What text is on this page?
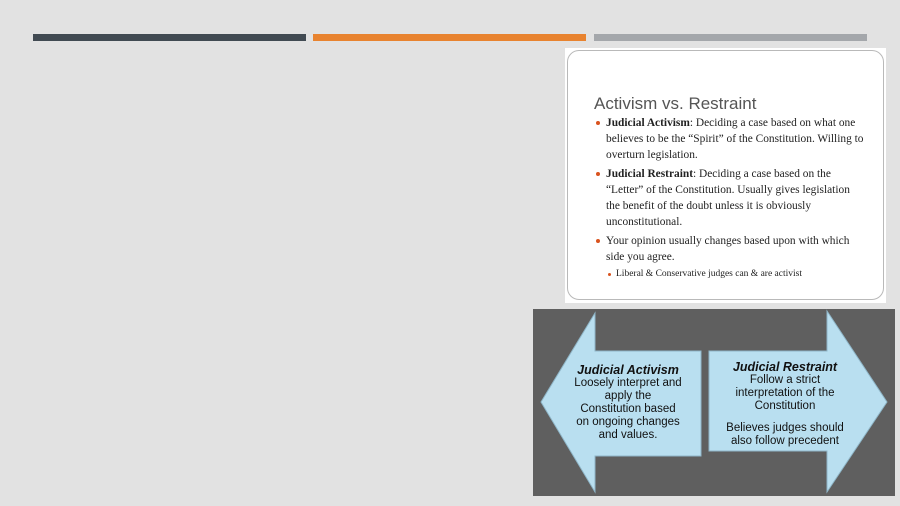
Activism vs. Restraint
Judicial Activism: Deciding a case based on what one believes to be the “Spirit” of the Constitution. Willing to overturn legislation.
Judicial Restraint: Deciding a case based on the “Letter” of the Constitution. Usually gives legislation the benefit of the doubt unless it is obviously unconstitutional.
Your opinion usually changes based upon with which side you agree.
Liberal & Conservative judges can & are activist
Judicial Activism
Loosely interpret and apply the Constitution based on ongoing changes and values.
Judicial Restraint
Follow a strict interpretation of the Constitution
Believes judges should also follow precedent
